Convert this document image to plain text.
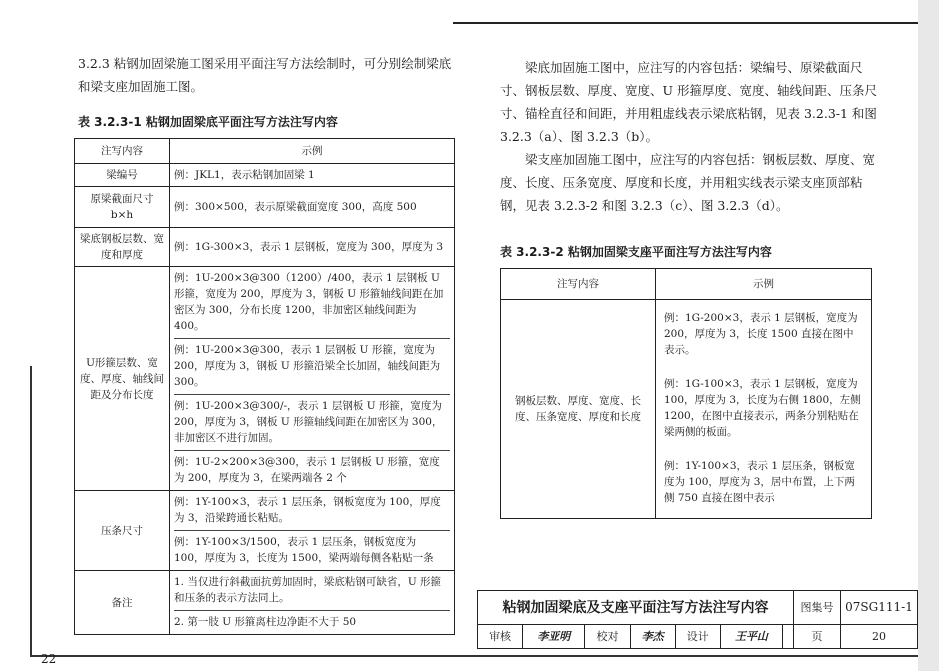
3.2.3 粘钢加固梁施工图采用平面注写方法绘制时，可分别绘制梁底和梁支座加固施工图。

表 3.2.3-1 粘钢加固梁底平面注写方法注写内容
注写内容	示例
梁编号	例：JKL1，表示粘钢加固梁 1
原梁截面尺寸 b×h	例：300×500，表示原梁截面宽度 300，高度 500
梁底钢板层数、宽度和厚度	例：1G-300×3，表示 1 层钢板，宽度为 300，厚度为 3
U形箍层数、宽度、厚度、轴线间距及分布长度	例：1U-200×3@300（1200）/400，表示 1 层钢板 U 形箍，宽度为 200，厚度为 3，钢板 U 形箍轴线间距在加密区为 300，分布长度 1200，非加密区轴线间距为 400。
例：1U-200×3@300，表示 1 层钢板 U 形箍，宽度为 200，厚度为 3，钢板 U 形箍沿梁全长加固，轴线间距为 300。
例：1U-200×3@300/-，表示 1 层钢板 U 形箍，宽度为 200，厚度为 3，钢板 U 形箍轴线间距在加密区为 300，非加密区不进行加固。
例：1U-2×200×3@300，表示 1 层钢板 U 形箍，宽度为 200，厚度为 3，在梁两端各 2 个

压条尺寸	例：1Y-100×3，表示 1 层压条，钢板宽度为 100，厚度为 3，沿梁跨通长粘贴。
例：1Y-100×3/1500，表示 1 层压条，钢板宽度为 100，厚度为 3，长度为 1500，梁两端每侧各粘贴一条

备注	1. 当仅进行斜截面抗剪加固时，梁底粘钢可缺省，U 形箍和压条的表示方法同上。
2. 第一肢 U 形箍离柱边净距不大于 50

梁底加固施工图中，应注写的内容包括：梁编号、原梁截面尺寸、钢板层数、厚度、宽度、U 形箍厚度、宽度、轴线间距、压条尺寸、锚栓直径和间距，并用粗虚线表示梁底粘钢，见表 3.2.3-1 和图 3.2.3（a）、图 3.2.3（b）。

梁支座加固施工图中，应注写的内容包括：钢板层数、厚度、宽度、长度、压条宽度、厚度和长度，并用粗实线表示梁支座顶部粘钢，见表 3.2.3-2 和图 3.2.3（c）、图 3.2.3（d）。

表 3.2.3-2 粘钢加固梁支座平面注写方法注写内容
注写内容	示例
钢板层数、厚度、宽度、长度、压条宽度、厚度和长度	例：1G-200×3，表示 1 层钢板，宽度为 200，厚度为 3，长度 1500 直接在图中表示。
例：1G-100×3，表示 1 层钢板，宽度为 100，厚度为 3，长度为右侧 1800，左侧 1200，在图中直接表示，两条分别粘贴在梁两侧的板面。
例：1Y-100×3，表示 1 层压条，钢板宽度为 100，厚度为 3，居中布置，上下两侧 750 直接在图中表示
粘钢加固梁底及支座平面注写方法注写内容							图集号	07SG111-1
审核	李亚明	校对	李杰	设计	王平山		页	20
22
